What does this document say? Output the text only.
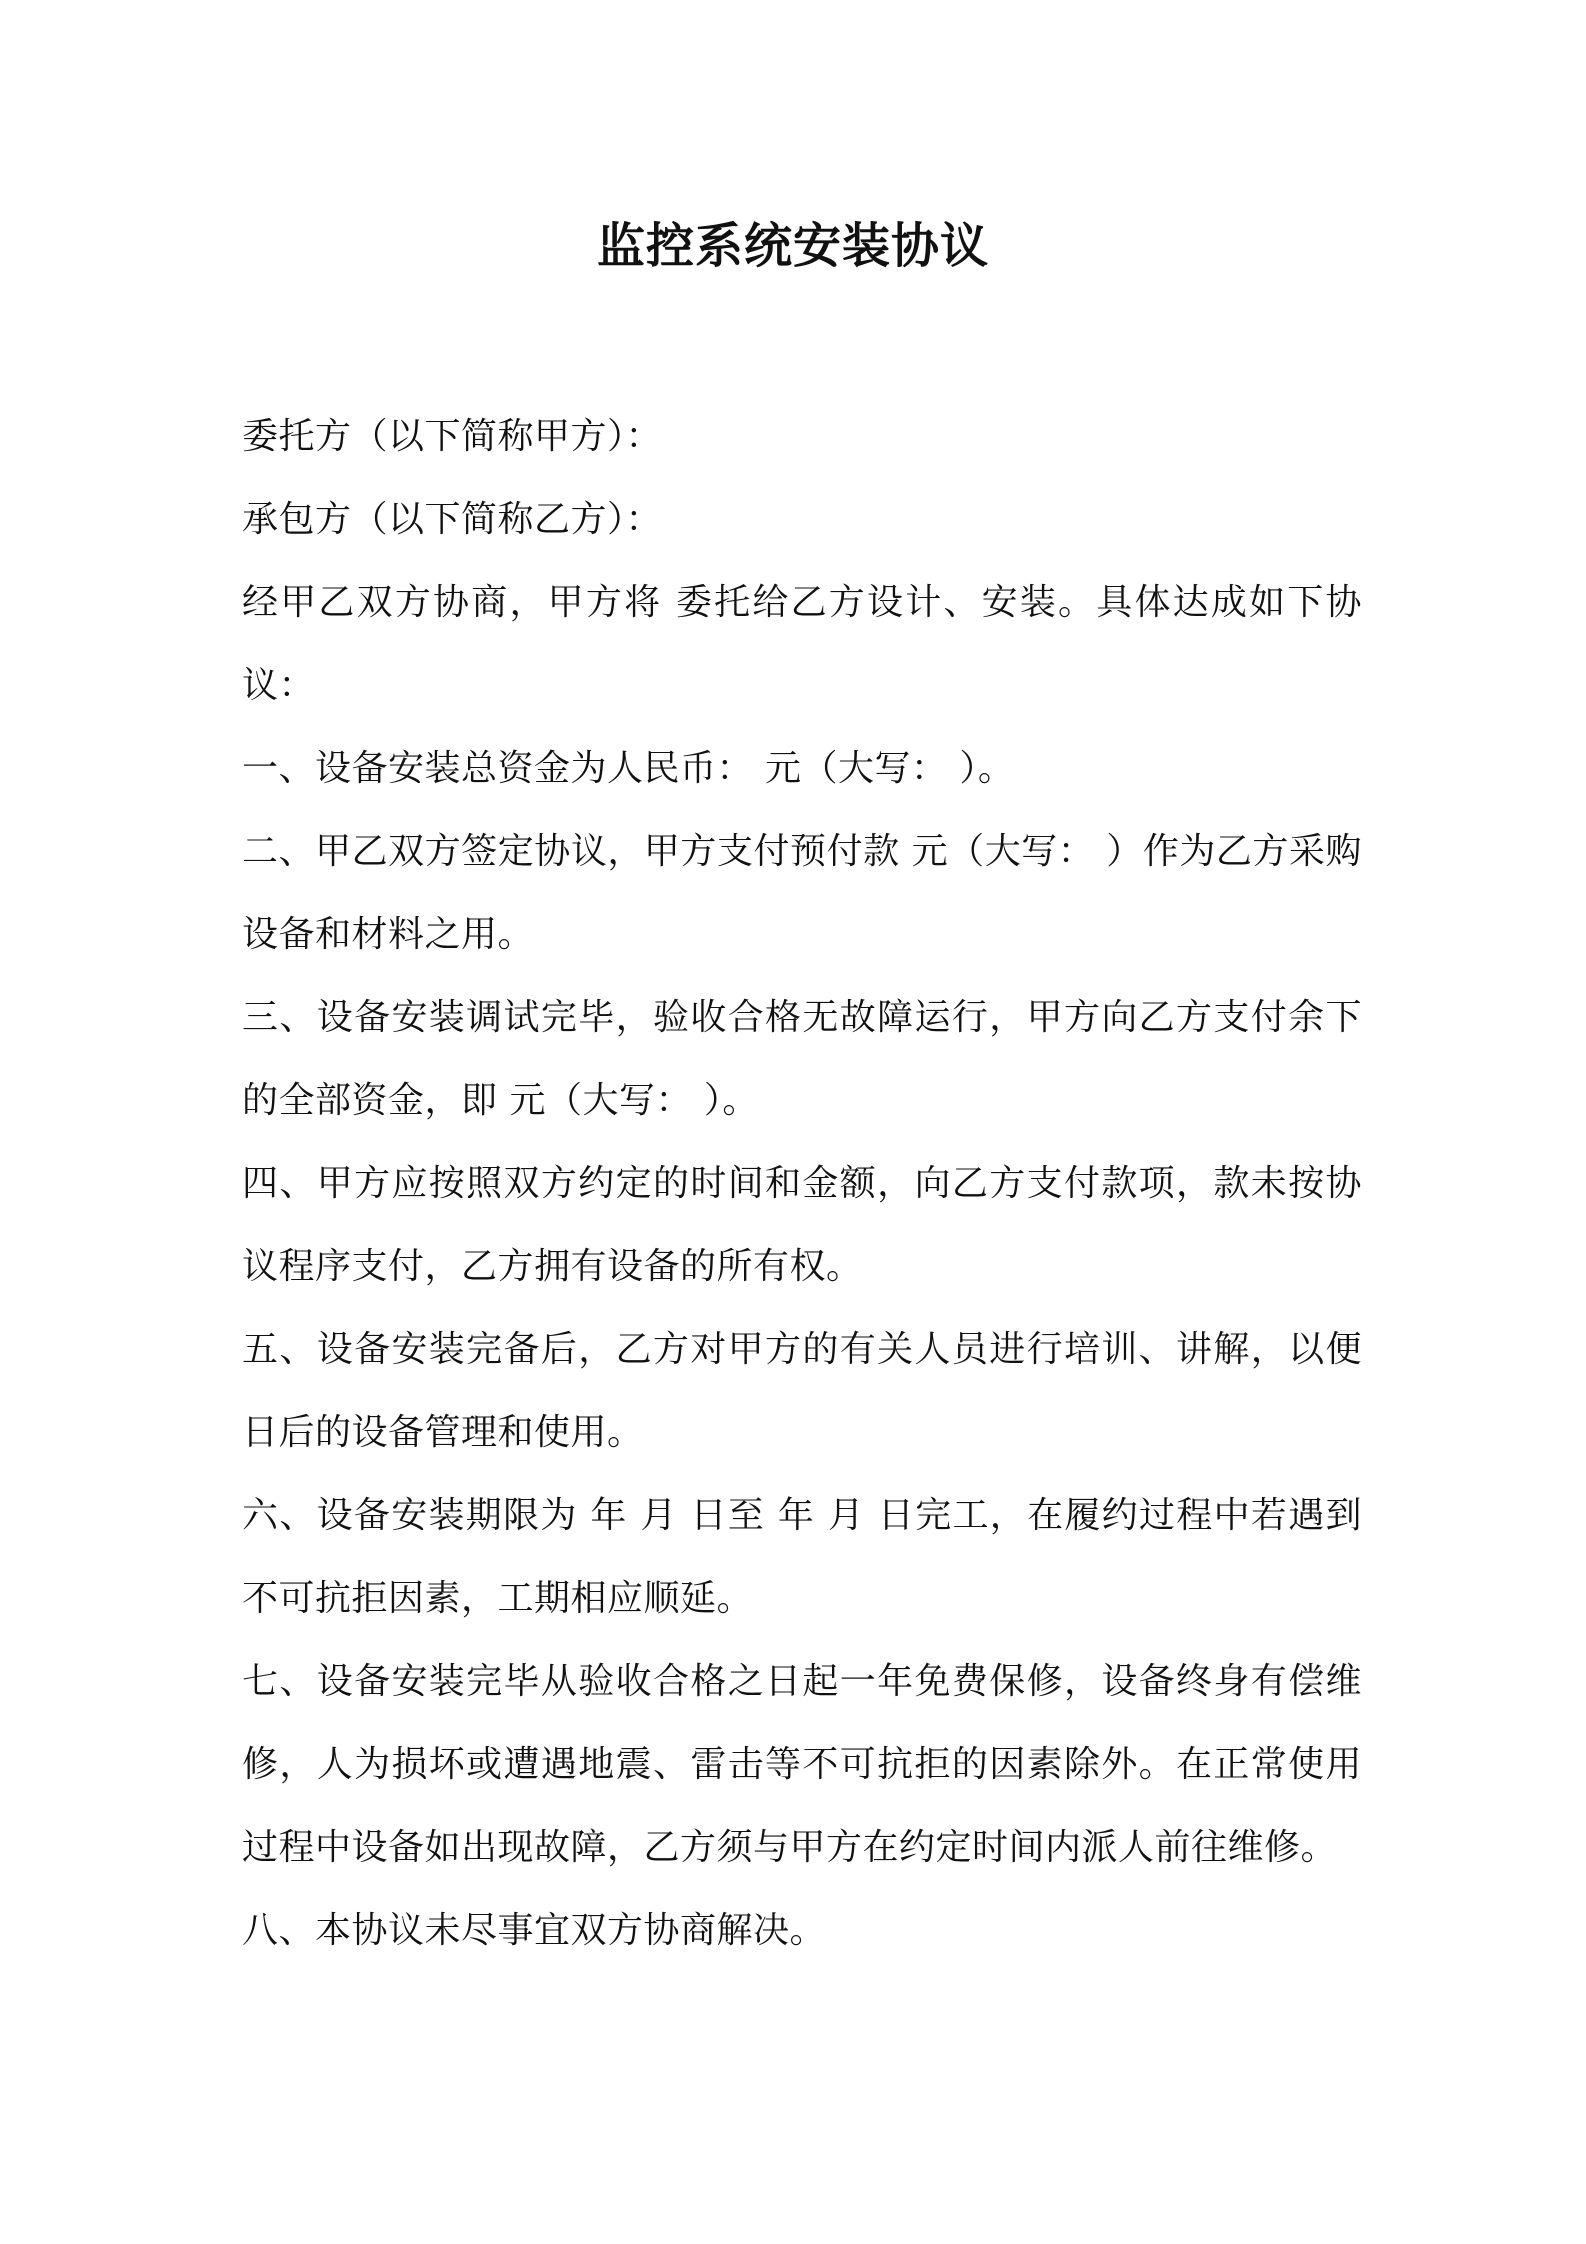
监控系统安装协议

委托方（以下简称甲方）：

承包方（以下简称乙方）：

经甲乙双方协商，甲方将 委托给乙方设计、安装。具体达成如下协议：

一、设备安装总资金为人民币： 元（大写： ）。

二、甲乙双方签定协议，甲方支付预付款 元（大写： ）作为乙方采购设备和材料之用。

三、设备安装调试完毕，验收合格无故障运行，甲方向乙方支付余下的全部资金，即 元（大写： ）。

四、甲方应按照双方约定的时间和金额，向乙方支付款项，款未按协议程序支付，乙方拥有设备的所有权。

五、设备安装完备后，乙方对甲方的有关人员进行培训、讲解，以便日后的设备管理和使用。

六、设备安装期限为 年 月 日至 年 月 日完工，在履约过程中若遇到不可抗拒因素，工期相应顺延。

七、设备安装完毕从验收合格之日起一年免费保修，设备终身有偿维修，人为损坏或遭遇地震、雷击等不可抗拒的因素除外。在正常使用过程中设备如出现故障，乙方须与甲方在约定时间内派人前往维修。

八、本协议未尽事宜双方协商解决。
